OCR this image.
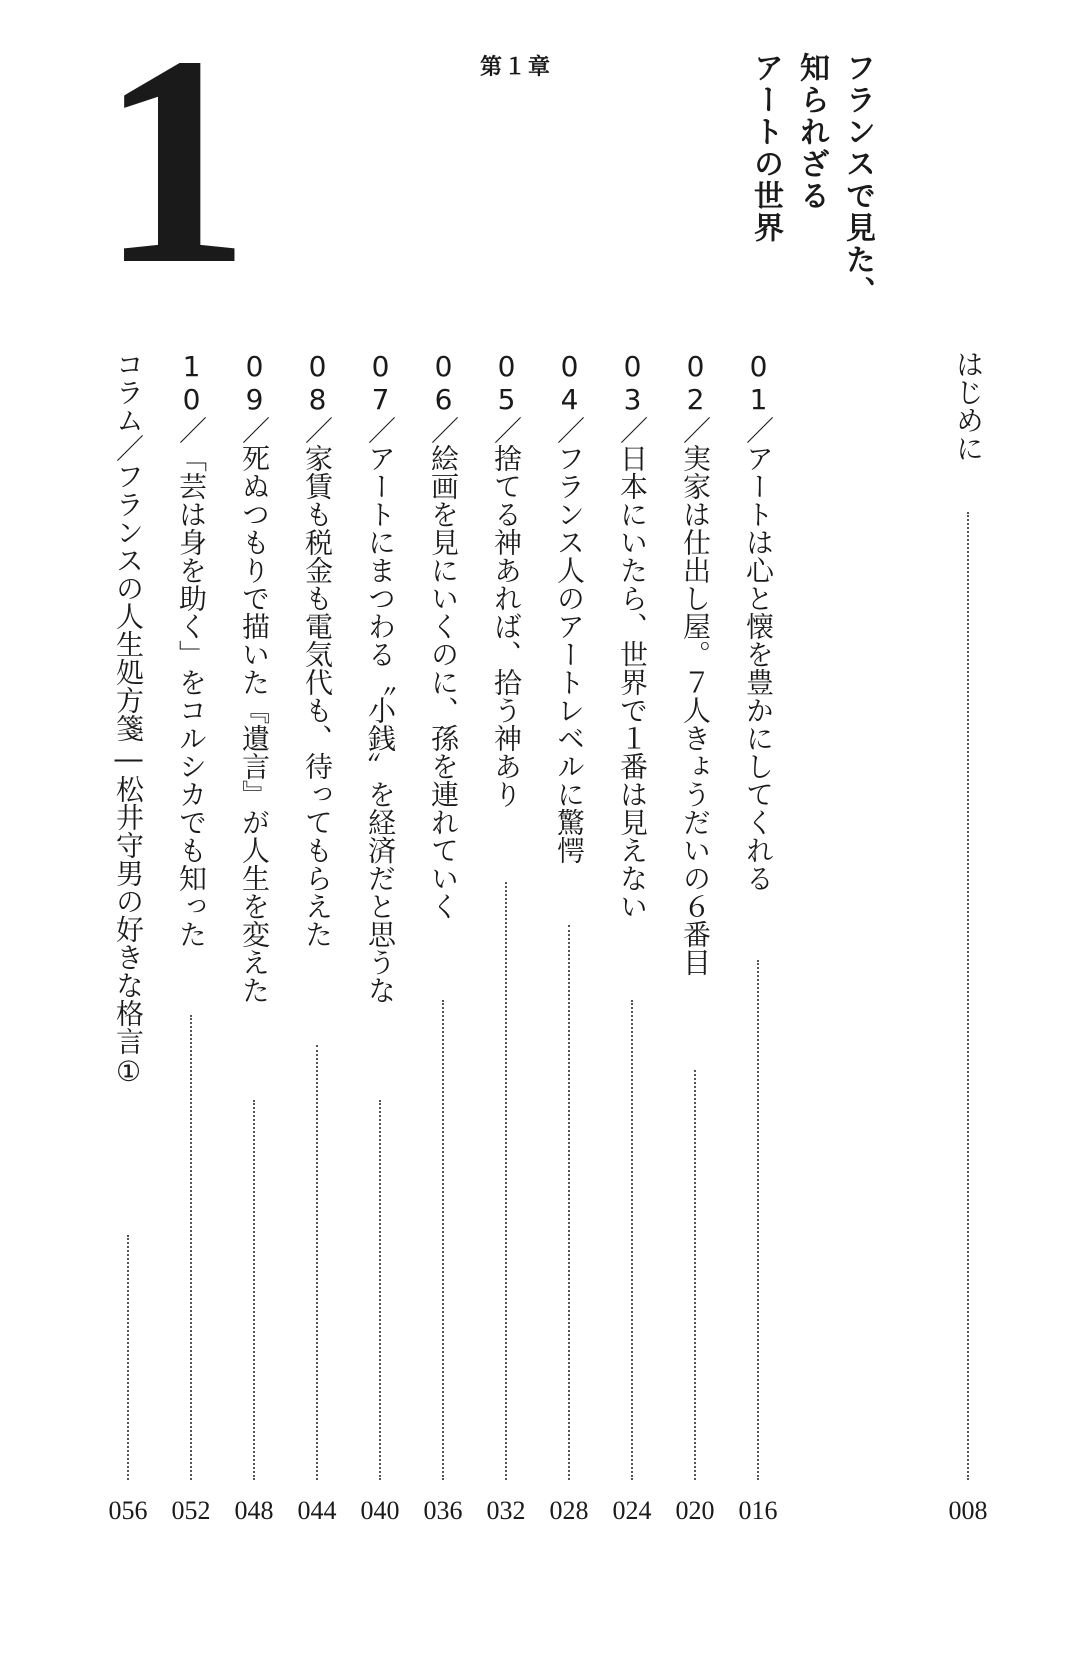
1	第１章	フランスで見た、
知られざる
アートの世界

はじめに
008
01／アートは心と懐を豊かにしてくれる
016
02／実家は仕出し屋。７人きょうだいの６番目
020
03／日本にいたら、世界で１番は見えない
024
04／フランス人のアートレベルに驚愕
028
05／捨てる神あれば、拾う神あり
032
06／絵画を見にいくのに、孫を連れていく
036
07／アートにまつわる〝小銭〟を経済だと思うな
040
08／家賃も税金も電気代も、待ってもらえた
044
09／死ぬつもりで描いた『遺言』が人生を変えた
048
10／「芸は身を助く」をコルシカでも知った
052
コラム／フランスの人生処方箋―松井守男の好きな格言①
056
